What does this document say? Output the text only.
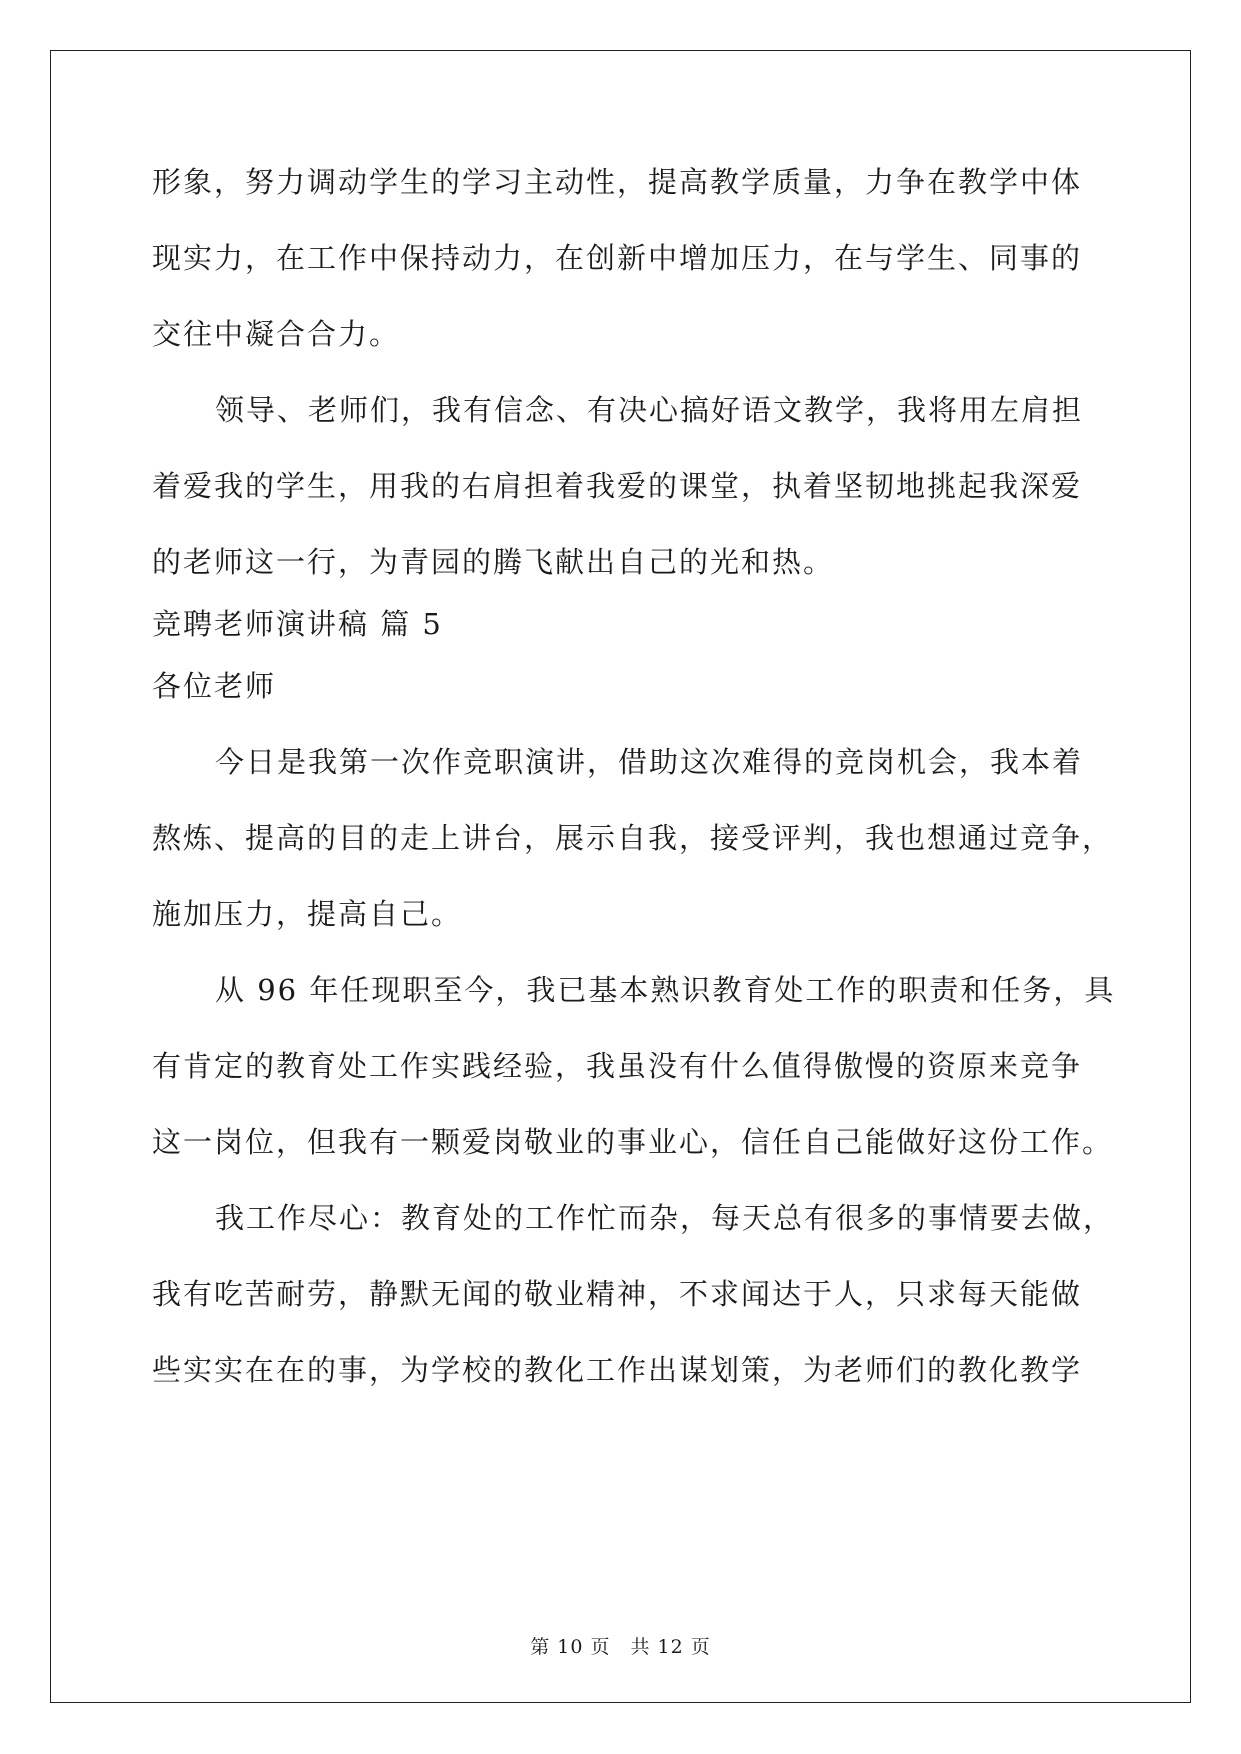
形象，努力调动学生的学习主动性，提高教学质量，力争在教学中体
现实力，在工作中保持动力，在创新中增加压力，在与学生、同事的
交往中凝合合力。
领导、老师们，我有信念、有决心搞好语文教学，我将用左肩担
着爱我的学生，用我的右肩担着我爱的课堂，执着坚韧地挑起我深爱
的老师这一行，为青园的腾飞献出自己的光和热。
竞聘老师演讲稿 篇 5
各位老师
今日是我第一次作竞职演讲，借助这次难得的竞岗机会，我本着
熬炼、提高的目的走上讲台，展示自我，接受评判，我也想通过竞争，
施加压力，提高自己。
从 96 年任现职至今，我已基本熟识教育处工作的职责和任务，具
有肯定的教育处工作实践经验，我虽没有什么值得傲慢的资原来竞争
这一岗位，但我有一颗爱岗敬业的事业心，信任自己能做好这份工作。
我工作尽心：教育处的工作忙而杂，每天总有很多的事情要去做，
我有吃苦耐劳，静默无闻的敬业精神，不求闻达于人，只求每天能做
些实实在在的事，为学校的教化工作出谋划策，为老师们的教化教学
第 10 页 共 12 页
